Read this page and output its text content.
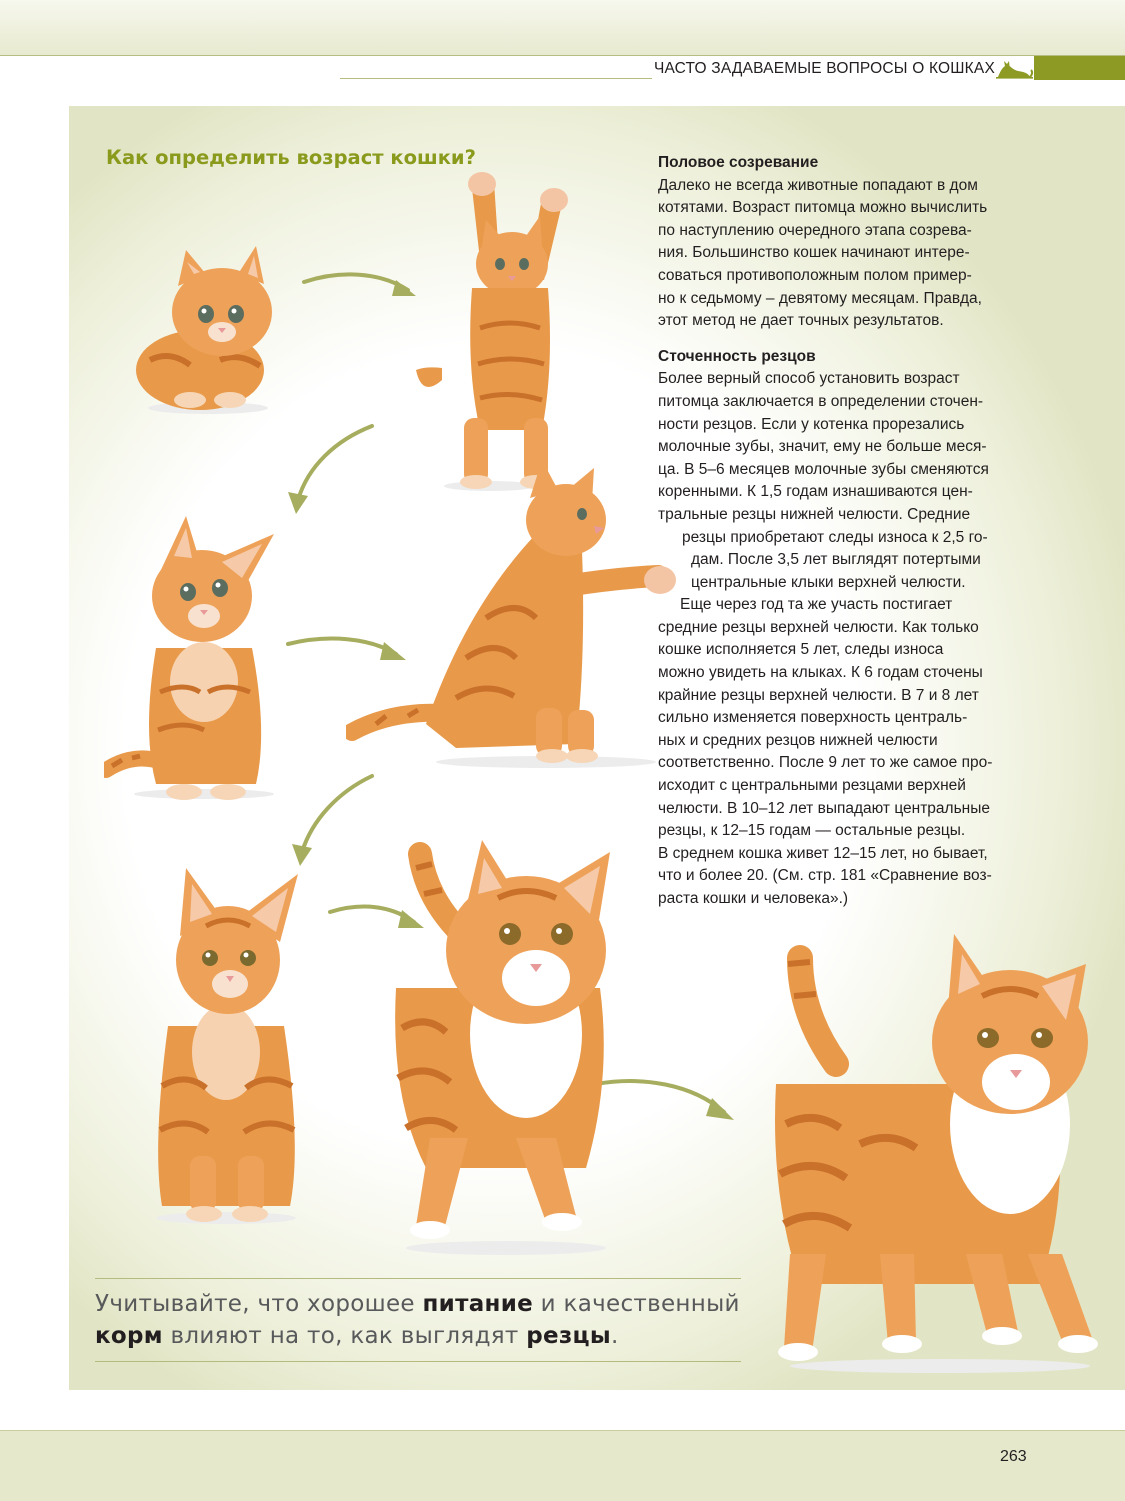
ЧАСТО ЗАДАВАЕМЫЕ ВОПРОСЫ О КОШКАХ
Как определить возраст кошки?	Половое созревание
Далеко не всегда животные попадают в дом
котятами. Возраст питомца можно вычислить
по наступлению очередного этапа созрева-
ния. Большинство кошек начинают интере-
соваться противоположным полом пример-
но к седьмому – девятому месяцам. Правда,
этот метод не дает точных результатов.
Сточенность резцов
Более верный способ установить возраст
питомца заключается в определении сточен-
ности резцов. Если у котенка прорезались
молочные зубы, значит, ему не больше меся-
ца. В 5–6 месяцев молочные зубы сменяются
коренными. К 1,5 годам изнашиваются цен-
тральные резцы нижней челюсти. Средние
резцы приобретают следы износа к 2,5 го-
дам. После 3,5 лет выглядят потертыми
центральные клыки верхней челюсти.
Еще через год та же участь постигает
средние резцы верхней челюсти. Как только
кошке исполняется 5 лет, следы износа
можно увидеть на клыках. К 6 годам сточены
крайние резцы верхней челюсти. В 7 и 8 лет
сильно изменяется поверхность централь-
ных и средних резцов нижней челюсти
соответственно. После 9 лет то же самое про-
исходит с центральными резцами верхней
челюсти. В 10–12 лет выпадают центральные
резцы, к 12–15 годам — остальные резцы.
В среднем кошка живет 12–15 лет, но бывает,
что и более 20. (См. стр. 181 «Сравнение воз-
раста кошки и человека».)
Учитывайте, что хорошее питание и качественный
корм влияют на то, как выглядят резцы.
263
